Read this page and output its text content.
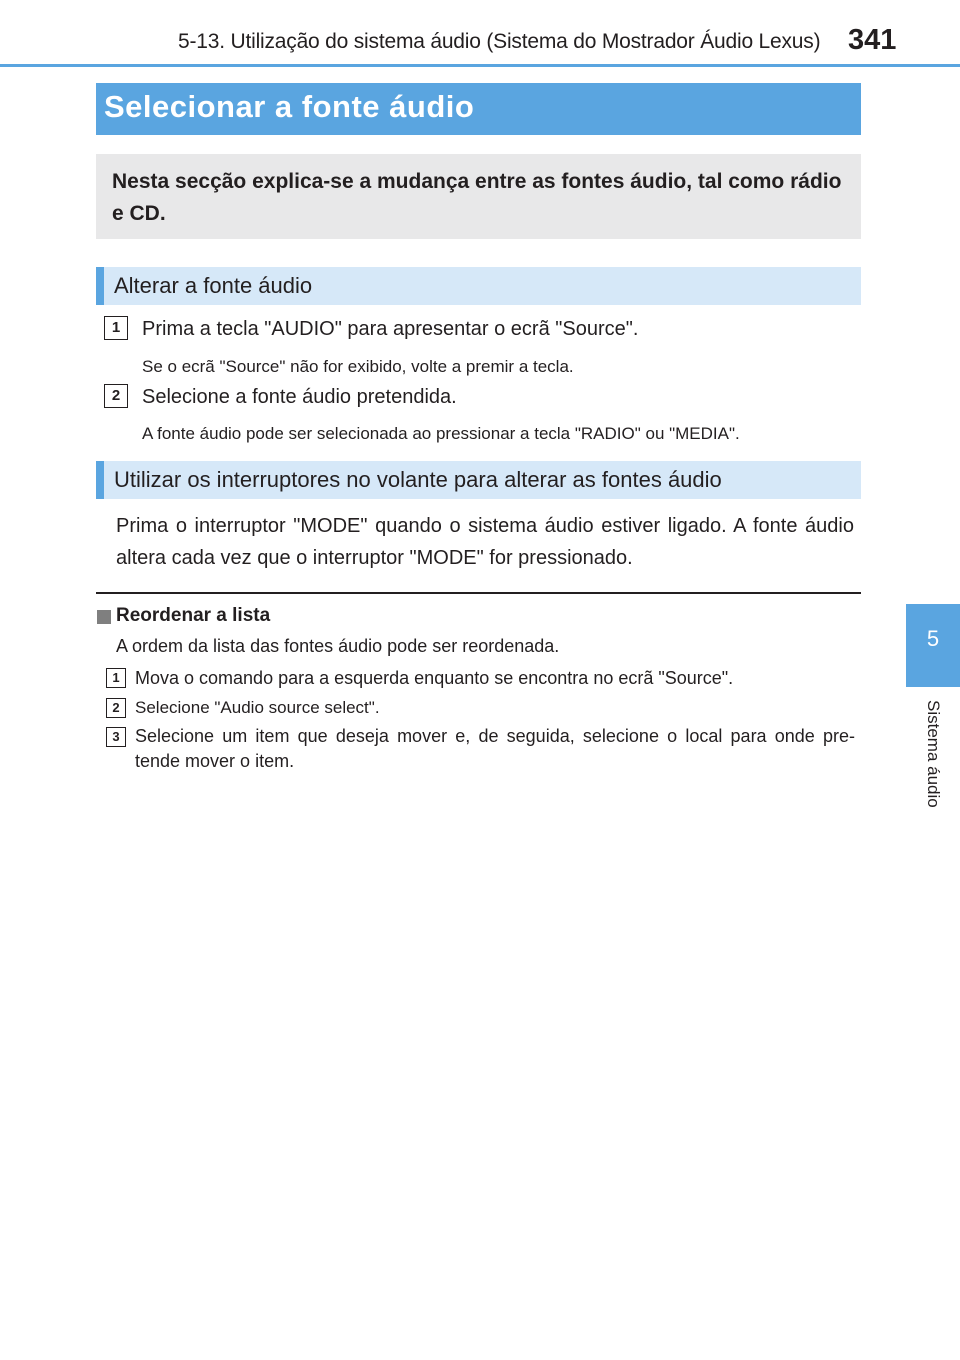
5-13. Utilização do sistema áudio (Sistema do Mostrador Áudio Lexus) 341
5
Sistema áudio
Selecionar a fonte áudio
Nesta secção explica-se a mudança entre as fontes áudio, tal como rádio e CD.
Alterar a fonte áudio
1	Prima a tecla "AUDIO" para apresentar o ecrã "Source".
Se o ecrã "Source" não for exibido, volte a premir a tecla.
2	Selecione a fonte áudio pretendida.
A fonte áudio pode ser selecionada ao pressionar a tecla "RADIO" ou "MEDIA".
Utilizar os interruptores no volante para alterar as fontes áudio
Prima o interruptor "MODE" quando o sistema áudio estiver ligado. A fonte áudio altera cada vez que o interruptor "MODE" for pressionado.
Reordenar a lista
A ordem da lista das fontes áudio pode ser reordenada.
1 Mova o comando para a esquerda enquanto se encontra no ecrã "Source".
2 Selecione "Audio source select".
3 Selecione um item que deseja mover e, de seguida, selecione o local para onde pre-tende mover o item.
